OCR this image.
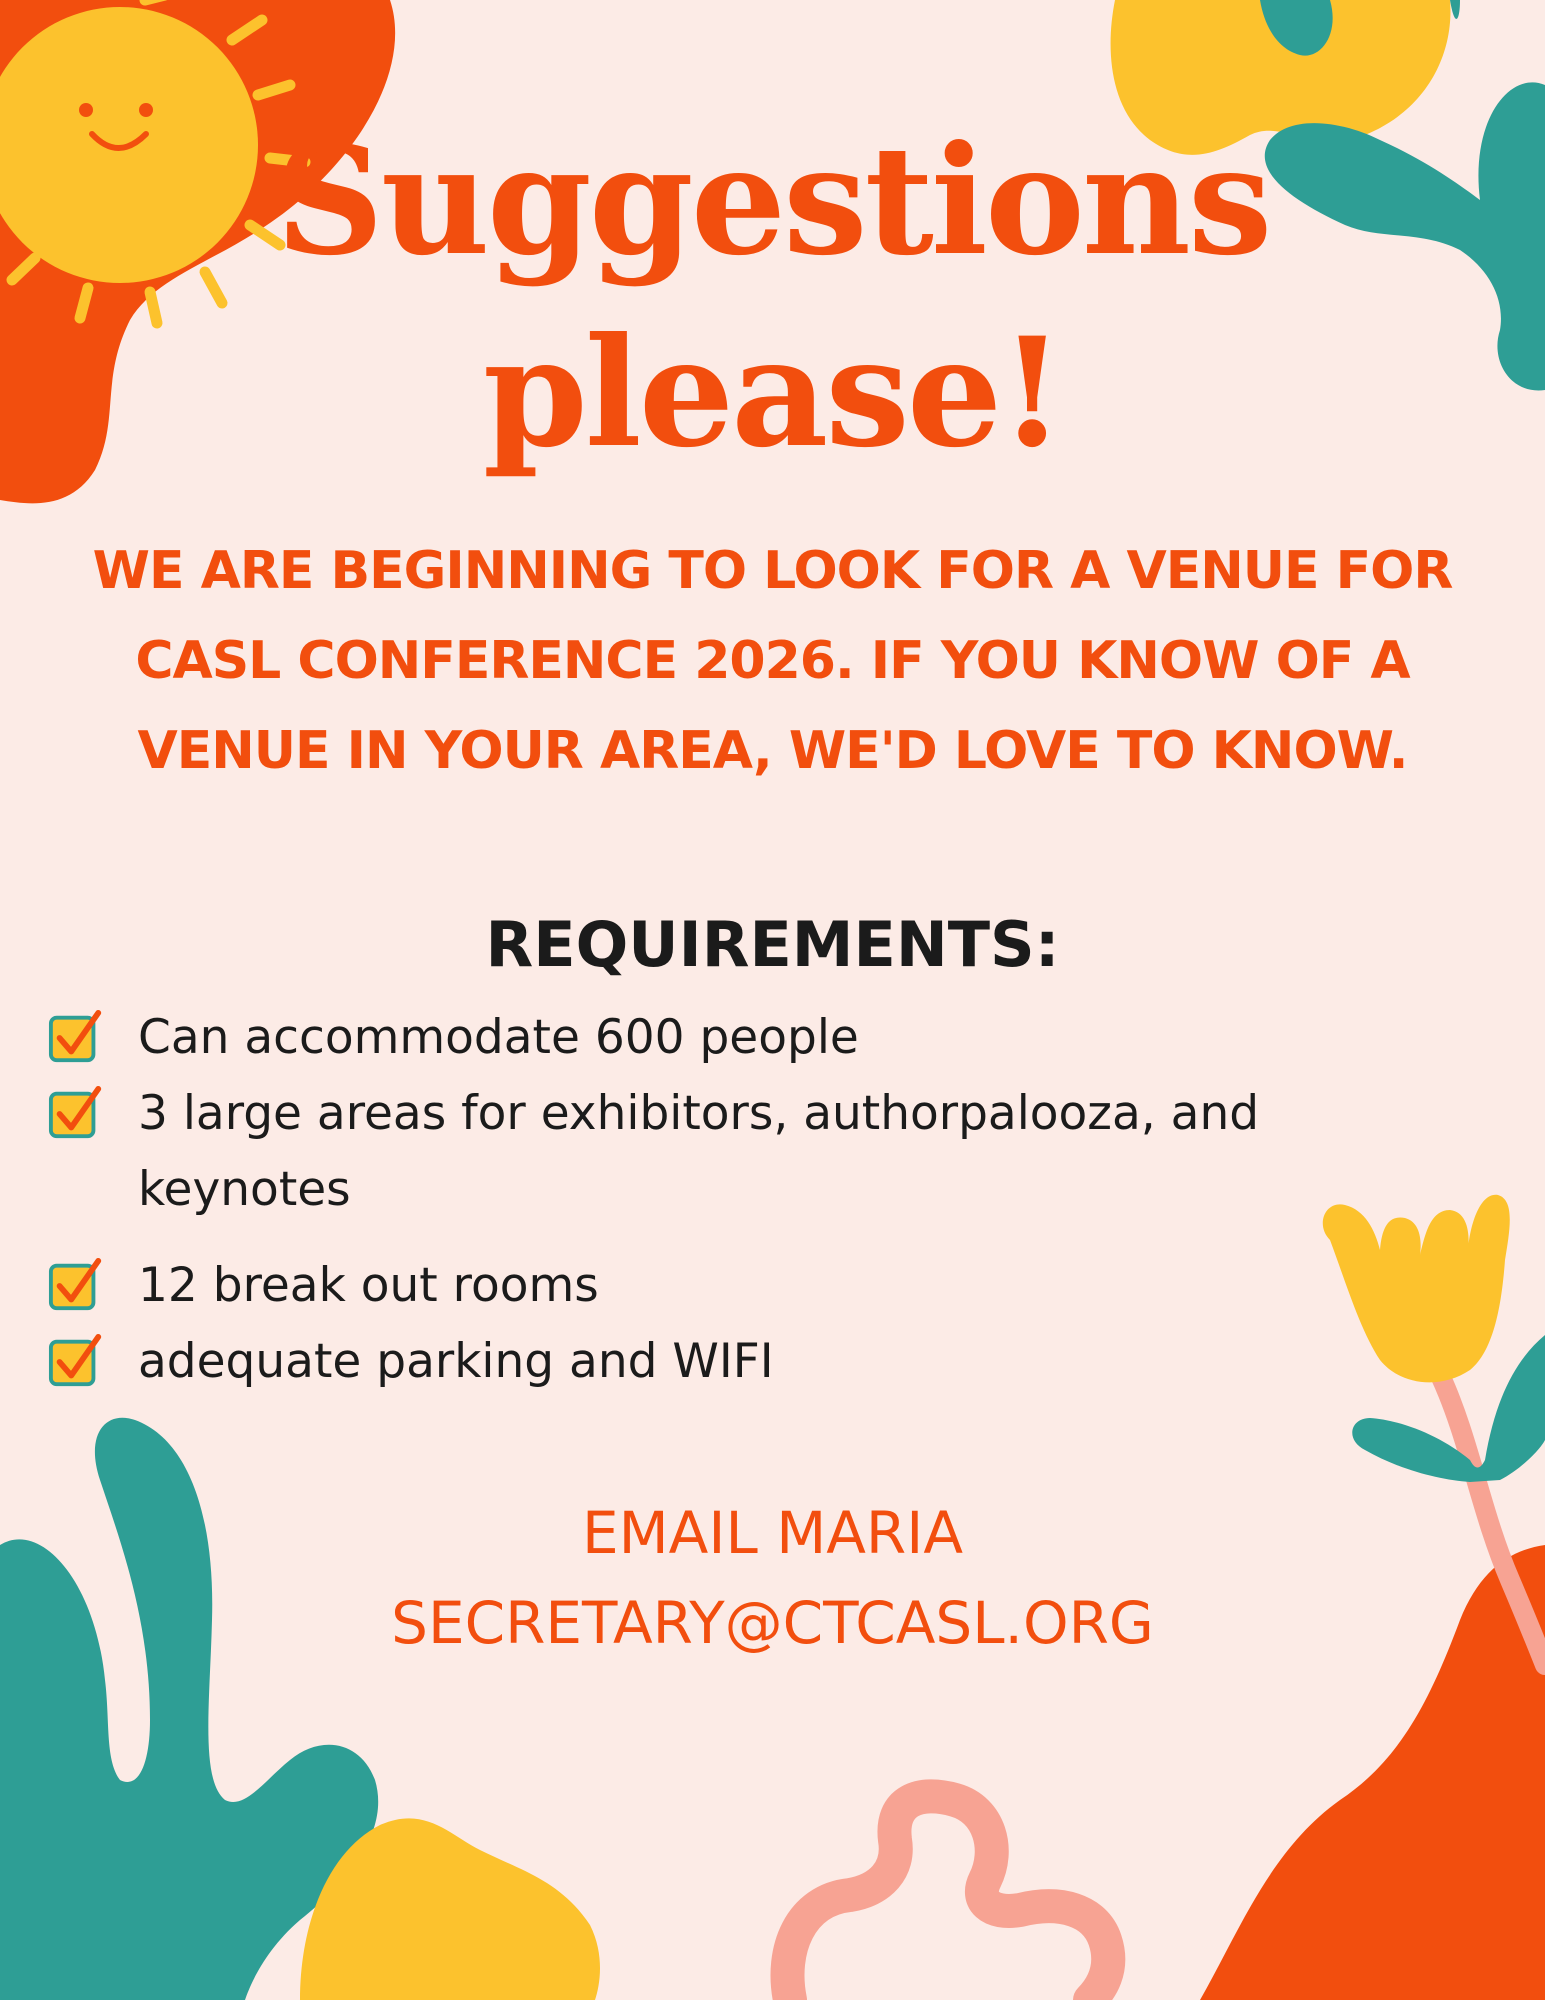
Suggestions
please!

WE ARE BEGINNING TO LOOK FOR A VENUE FOR

CASL CONFERENCE 2026. IF YOU KNOW OF A

VENUE IN YOUR AREA, WE'D LOVE TO KNOW.

REQUIREMENTS:
Can accommodate 600 people
3 large areas for exhibitors, authorpalooza, and keynotes
12 break out rooms
adequate parking and WIFI

EMAIL MARIA

SECRETARY@CTCASL.ORG
